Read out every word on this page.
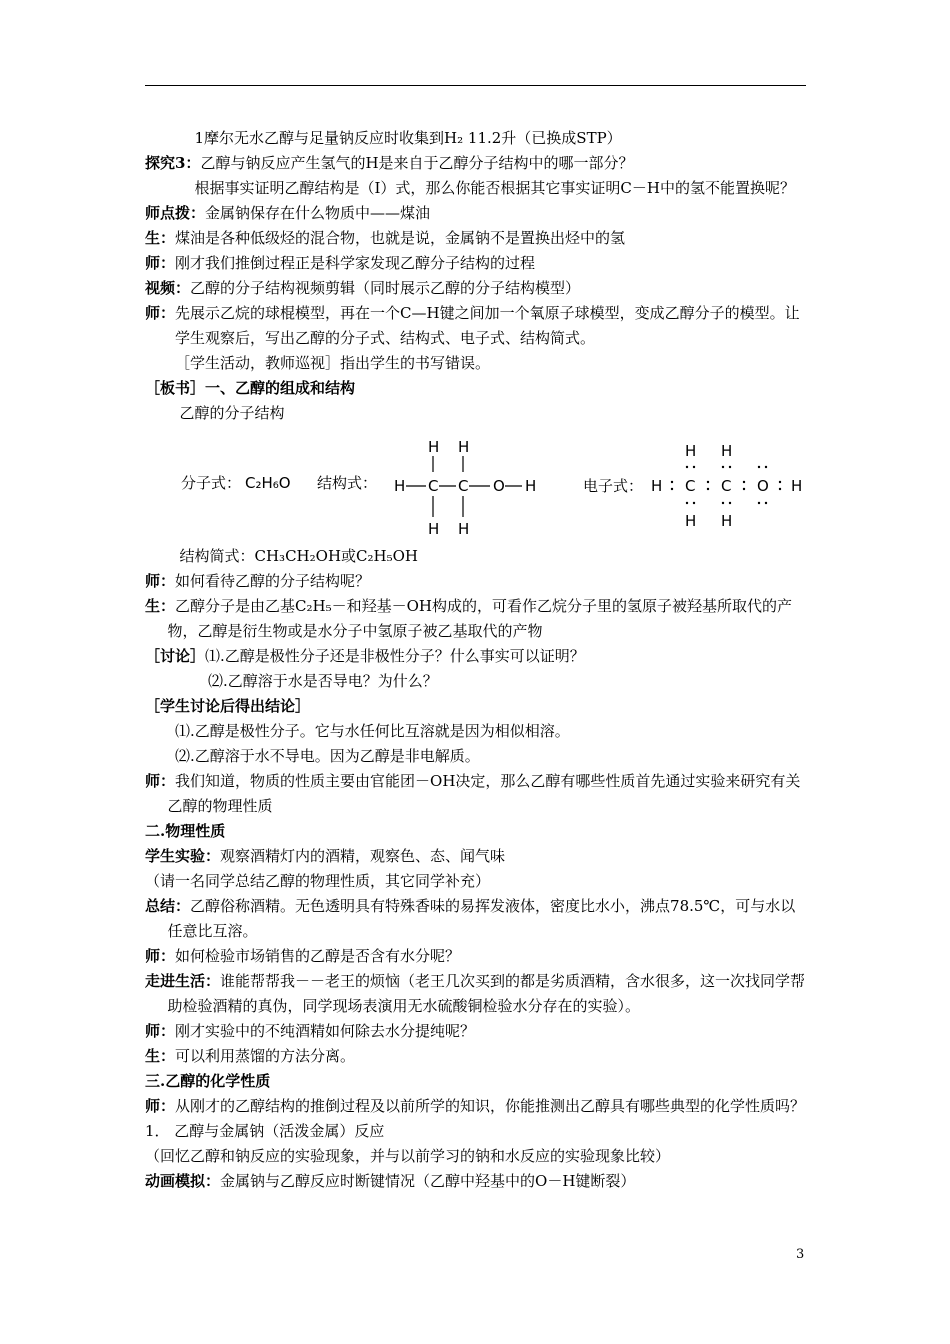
1摩尔无水乙醇与足量钠反应时收集到H₂ 11.2升（已换成STP）

探究3：乙醇与钠反应产生氢气的H是来自于乙醇分子结构中的哪一部分？

根据事实证明乙醇结构是（Ⅰ）式，那么你能否根据其它事实证明C－H中的氢不能置换呢？

师点拨：金属钠保存在什么物质中——煤油

生：煤油是各种低级烃的混合物，也就是说，金属钠不是置换出烃中的氢

师：刚才我们推倒过程正是科学家发现乙醇分子结构的过程

视频：乙醇的分子结构视频剪辑（同时展示乙醇的分子结构模型）

师：先展示乙烷的球棍模型，再在一个C—H键之间加一个氧原子球模型，变成乙醇分子的模型。让学生观察后，写出乙醇的分子式、结构式、电子式、结构简式。

［学生活动，教师巡视］指出学生的书写错误。

［板书］一、乙醇的组成和结构

乙醇的分子结构

分子式： C₂H₆O 结构式：
H H
H C C O H
H H
电子式： H
H
C
H
H
C
H
O H

结构简式：CH₃CH₂OH或C₂H₅OH

师：如何看待乙醇的分子结构呢？

生：乙醇分子是由乙基C₂H₅－和羟基－OH构成的，可看作乙烷分子里的氢原子被羟基所取代的产物，乙醇是衍生物或是水分子中氢原子被乙基取代的产物

［讨论］⑴.乙醇是极性分子还是非极性分子？什么事实可以证明？

⑵.乙醇溶于水是否导电？为什么？

［学生讨论后得出结论］

⑴.乙醇是极性分子。它与水任何比互溶就是因为相似相溶。

⑵.乙醇溶于水不导电。因为乙醇是非电解质。

师：我们知道，物质的性质主要由官能团－OH决定，那么乙醇有哪些性质首先通过实验来研究有关乙醇的物理性质

二.物理性质

学生实验：观察酒精灯内的酒精，观察色、态、闻气味

（请一名同学总结乙醇的物理性质，其它同学补充）

总结：乙醇俗称酒精。无色透明具有特殊香味的易挥发液体，密度比水小，沸点78.5℃，可与水以任意比互溶。

师：如何检验市场销售的乙醇是否含有水分呢？

走进生活：谁能帮帮我－－老王的烦恼（老王几次买到的都是劣质酒精，含水很多，这一次找同学帮助检验酒精的真伪，同学现场表演用无水硫酸铜检验水分存在的实验）。

师：刚才实验中的不纯酒精如何除去水分提纯呢？

生：可以利用蒸馏的方法分离。

三.乙醇的化学性质

师：从刚才的乙醇结构的推倒过程及以前所学的知识，你能推测出乙醇具有哪些典型的化学性质吗？

1． 乙醇与金属钠（活泼金属）反应

（回忆乙醇和钠反应的实验现象，并与以前学习的钠和水反应的实验现象比较）

动画模拟：金属钠与乙醇反应时断键情况（乙醇中羟基中的O－H键断裂）

3
